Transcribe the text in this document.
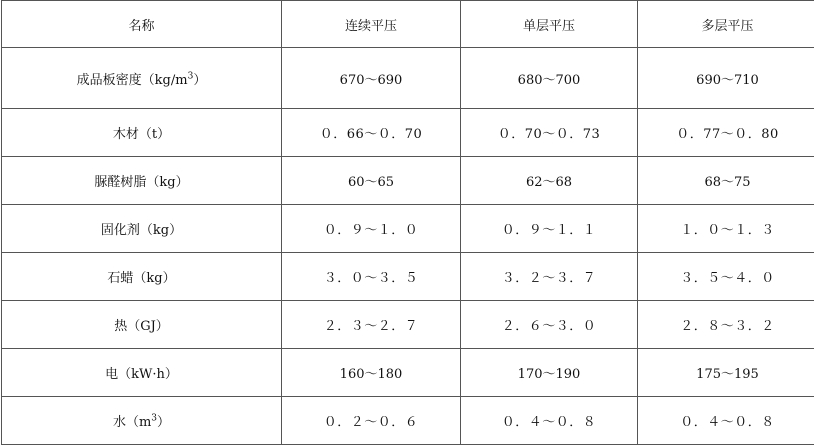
名称	连续平压	单层平压	多层平压
成品板密度$(kg/m^3)$	670～690	680～700	690～710
木材（t）	０．66～０．70	０．70～０．73	０．77～０．80
脲醛树脂（kg）	60～65	62～68	68～75
固化剂（kg）	０．９～１．０	０．９～１．１	１．０～１．３
石蜡（kg）	３．０～３．５	３．２～３．７	３．５～４．０
热（GJ）	２．３～２．７	２．６～３．０	２．８～３．２
电（kW·h）	160～180	170～190	175～195
水$(m^3)$	０．２～０．６	０．４～０．８	０．４～０．８
